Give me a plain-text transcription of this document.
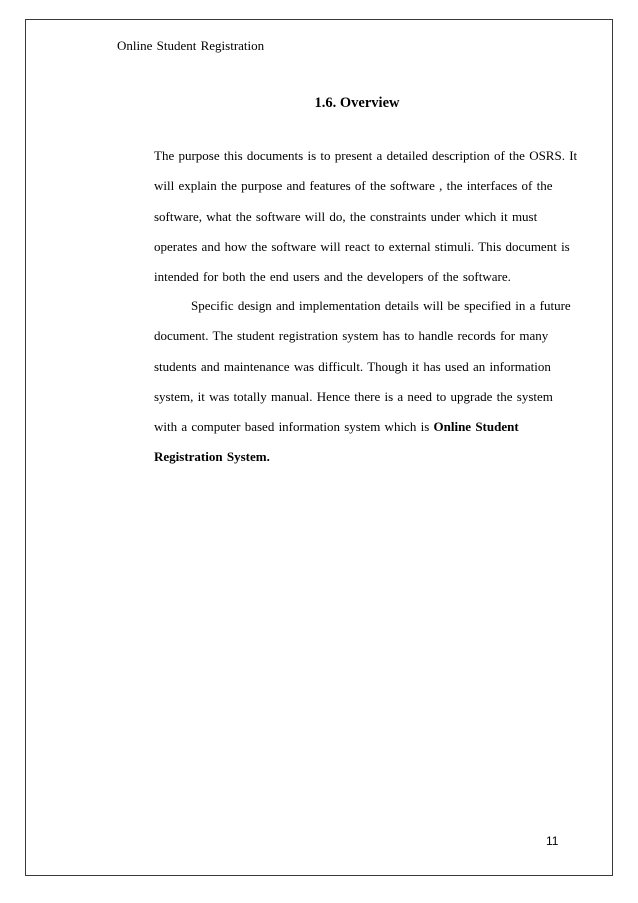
Online Student Registration
1.6. Overview
The purpose this documents is to present a detailed description of the OSRS. It
will explain the purpose and features of the software , the interfaces of the
software, what the software will do, the constraints under which it must
operates and how the software will react to external stimuli. This document is
intended for both the end users and the developers of the software.
Specific design and implementation details will be specified in a future
document. The student registration system has to handle records for many
students and maintenance was difficult. Though it has used an information
system, it was totally manual. Hence there is a need to upgrade the system
with a computer based information system which is Online Student
Registration System.
11
